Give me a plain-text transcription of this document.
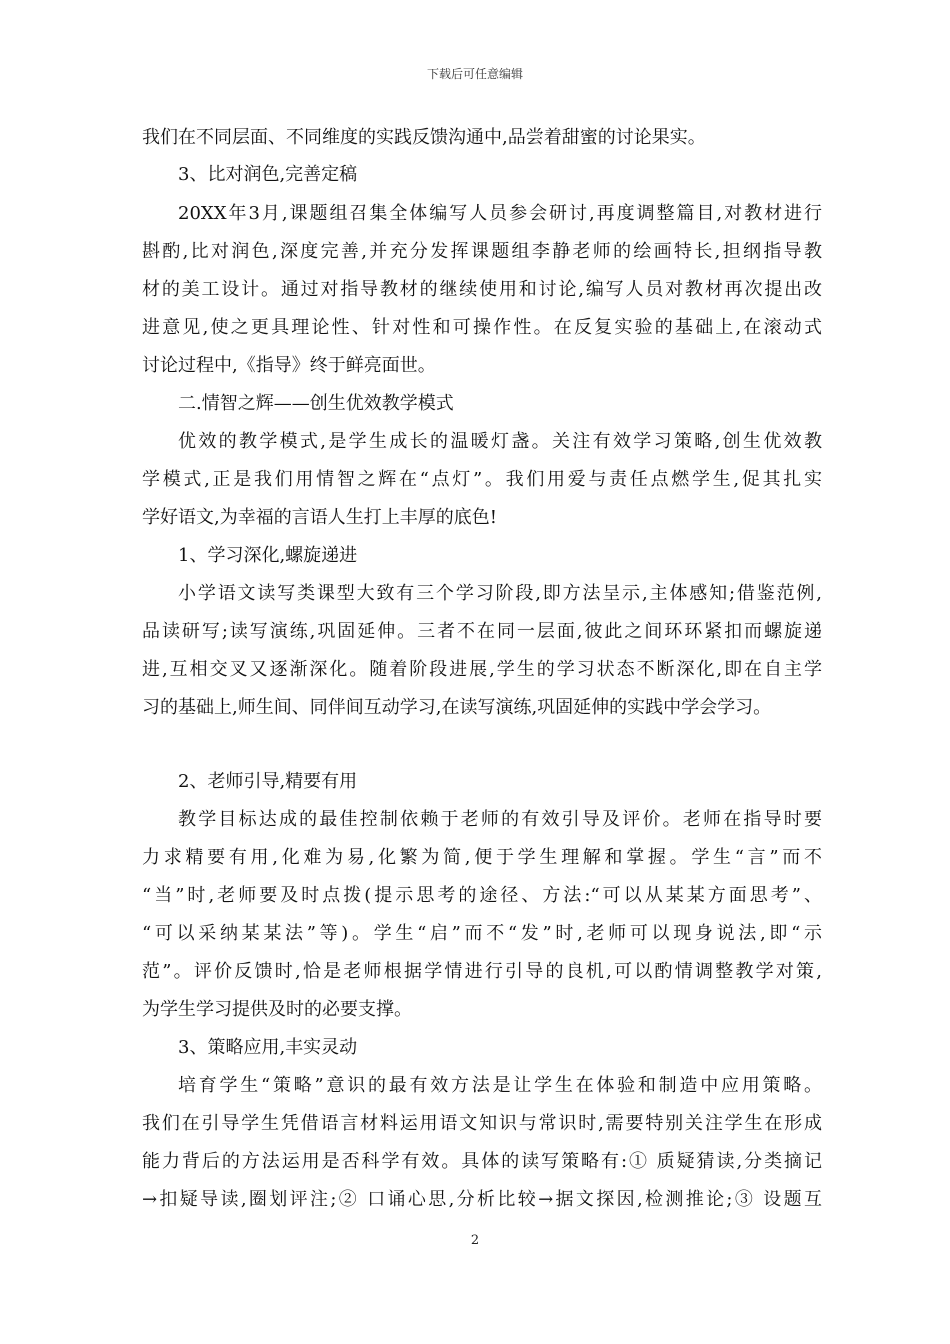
下载后可任意编辑
我们在不同层面、不同维度的实践反馈沟通中,品尝着甜蜜的讨论果实。
3、比对润色,完善定稿
20XX年3月,课题组召集全体编写人员参会研讨,再度调整篇目,对教材进行
斟酌,比对润色,深度完善,并充分发挥课题组李静老师的绘画特长,担纲指导教
材的美工设计。通过对指导教材的继续使用和讨论,编写人员对教材再次提出改
进意见,使之更具理论性、针对性和可操作性。在反复实验的基础上,在滚动式
讨论过程中,《指导》终于鲜亮面世。
二.情智之辉——创生优效教学模式
优效的教学模式,是学生成长的温暖灯盏。关注有效学习策略,创生优效教
学模式,正是我们用情智之辉在“点灯”。我们用爱与责任点燃学生,促其扎实
学好语文,为幸福的言语人生打上丰厚的底色!
1、学习深化,螺旋递进
小学语文读写类课型大致有三个学习阶段,即方法呈示,主体感知;借鉴范例,
品读研写;读写演练,巩固延伸。三者不在同一层面,彼此之间环环紧扣而螺旋递
进,互相交叉又逐渐深化。随着阶段进展,学生的学习状态不断深化,即在自主学
习的基础上,师生间、同伴间互动学习,在读写演练,巩固延伸的实践中学会学习。
2、老师引导,精要有用
教学目标达成的最佳控制依赖于老师的有效引导及评价。老师在指导时要
力求精要有用,化难为易,化繁为简,便于学生理解和掌握。学生“言”而不
“当”时,老师要及时点拨(提示思考的途径、方法:“可以从某某方面思考”、
“可以采纳某某法”等)。学生“启”而不“发”时,老师可以现身说法,即“示
范”。评价反馈时,恰是老师根据学情进行引导的良机,可以酌情调整教学对策,
为学生学习提供及时的必要支撑。
3、策略应用,丰实灵动
培育学生“策略”意识的最有效方法是让学生在体验和制造中应用策略。
我们在引导学生凭借语言材料运用语文知识与常识时,需要特别关注学生在形成
能力背后的方法运用是否科学有效。具体的读写策略有:① 质疑猜读,分类摘记
→扣疑导读,圈划评注;② 口诵心思,分析比较→据文探因,检测推论;③ 设题互
2
